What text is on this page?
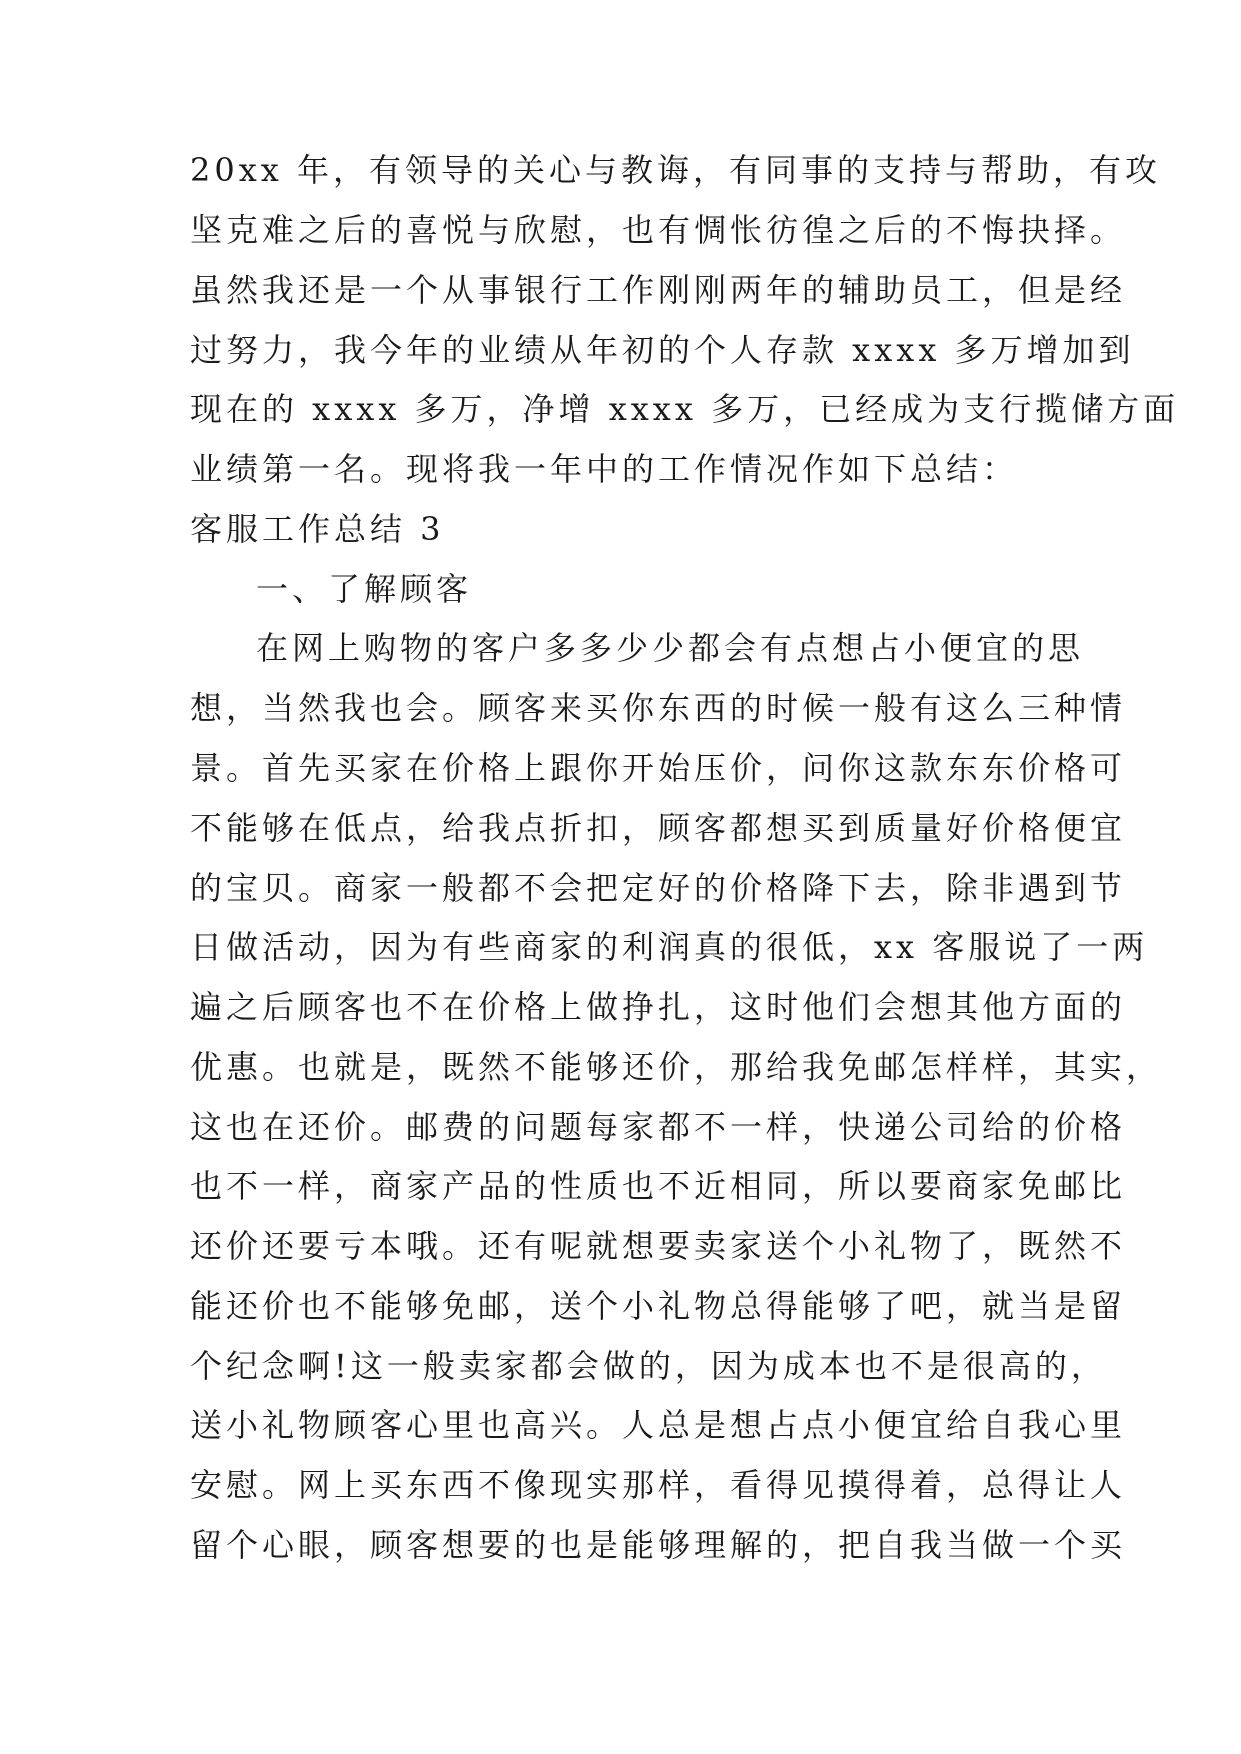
20xx 年，有领导的关心与教诲，有同事的支持与帮助，有攻
坚克难之后的喜悦与欣慰，也有惆怅彷徨之后的不悔抉择。
虽然我还是一个从事银行工作刚刚两年的辅助员工，但是经
过努力，我今年的业绩从年初的个人存款 xxxx 多万增加到
现在的 xxxx 多万，净增 xxxx 多万，已经成为支行揽储方面
业绩第一名。现将我一年中的工作情况作如下总结：
客服工作总结 3
一、了解顾客
在网上购物的客户多多少少都会有点想占小便宜的思
想，当然我也会。顾客来买你东西的时候一般有这么三种情
景。首先买家在价格上跟你开始压价，问你这款东东价格可
不能够在低点，给我点折扣，顾客都想买到质量好价格便宜
的宝贝。商家一般都不会把定好的价格降下去，除非遇到节
日做活动，因为有些商家的利润真的很低，xx 客服说了一两
遍之后顾客也不在价格上做挣扎，这时他们会想其他方面的
优惠。也就是，既然不能够还价，那给我免邮怎样样，其实，
这也在还价。邮费的问题每家都不一样，快递公司给的价格
也不一样，商家产品的性质也不近相同，所以要商家免邮比
还价还要亏本哦。还有呢就想要卖家送个小礼物了，既然不
能还价也不能够免邮，送个小礼物总得能够了吧，就当是留
个纪念啊!这一般卖家都会做的，因为成本也不是很高的，
送小礼物顾客心里也高兴。人总是想占点小便宜给自我心里
安慰。网上买东西不像现实那样，看得见摸得着，总得让人
留个心眼，顾客想要的也是能够理解的，把自我当做一个买
